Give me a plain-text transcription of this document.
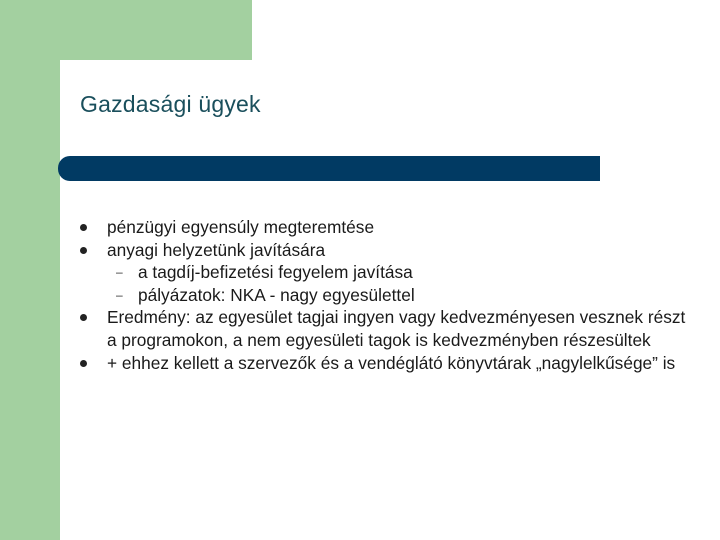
Gazdasági ügyek
pénzügyi egyensúly megteremtése
anyagi helyzetünk javítására
– a tagdíj-befizetési fegyelem javítása
– pályázatok: NKA - nagy egyesülettel
Eredmény: az egyesület tagjai ingyen vagy kedvezményesen vesznek részt a programokon, a nem egyesületi tagok is kedvezményben részesültek
+ ehhez kellett a szervezők és a vendéglátó könyvtárak „nagylelkűsége” is
